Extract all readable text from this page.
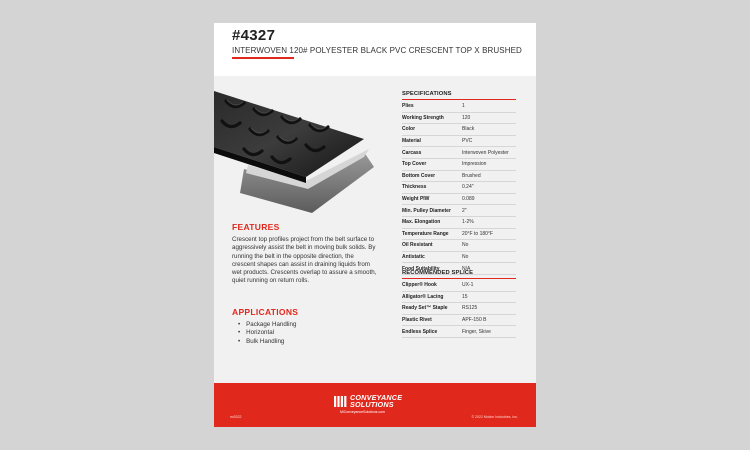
#4327
INTERWOVEN 120# POLYESTER BLACK PVC CRESCENT TOP X BRUSHED
FEATURES
Crescent top profiles project from the belt surface to aggressively assist the belt in moving bulk solids. By running the belt in the opposite direction, the crescent shapes can assist in draining liquids from wet products. Crescents overlap to assure a smooth, quiet running on return rolls.
APPLICATIONS
• Package Handling
• Horizontal
• Bulk Handling
SPECIFICATIONS
Plies	1
Working Strength	120
Color	Black
Material	PVC
Carcass	Interwoven Polyester
Top Cover	Impression
Bottom Cover	Brushed
Thickness	0.24"
Weight PIW	0.089
Min. Pulley Diameter	2"
Max. Elongation	1-2%
Temperature Range	20°F to 180°F
Oil Resistant	No
Antistatic	No
Food Suitability	N/A
RECOMMENDED SPLICE
Clipper® Hook	UX-1
Alligator® Lacing	15
Ready Set™ Staple	RS125
Plastic Rivet	APF-150 B
Endless Splice	Finger, Skive
CONVEYANCE
SOLUTIONS
MiConveyanceSolutions.com
mi0322	© 2022 Motion Industries, Inc.
